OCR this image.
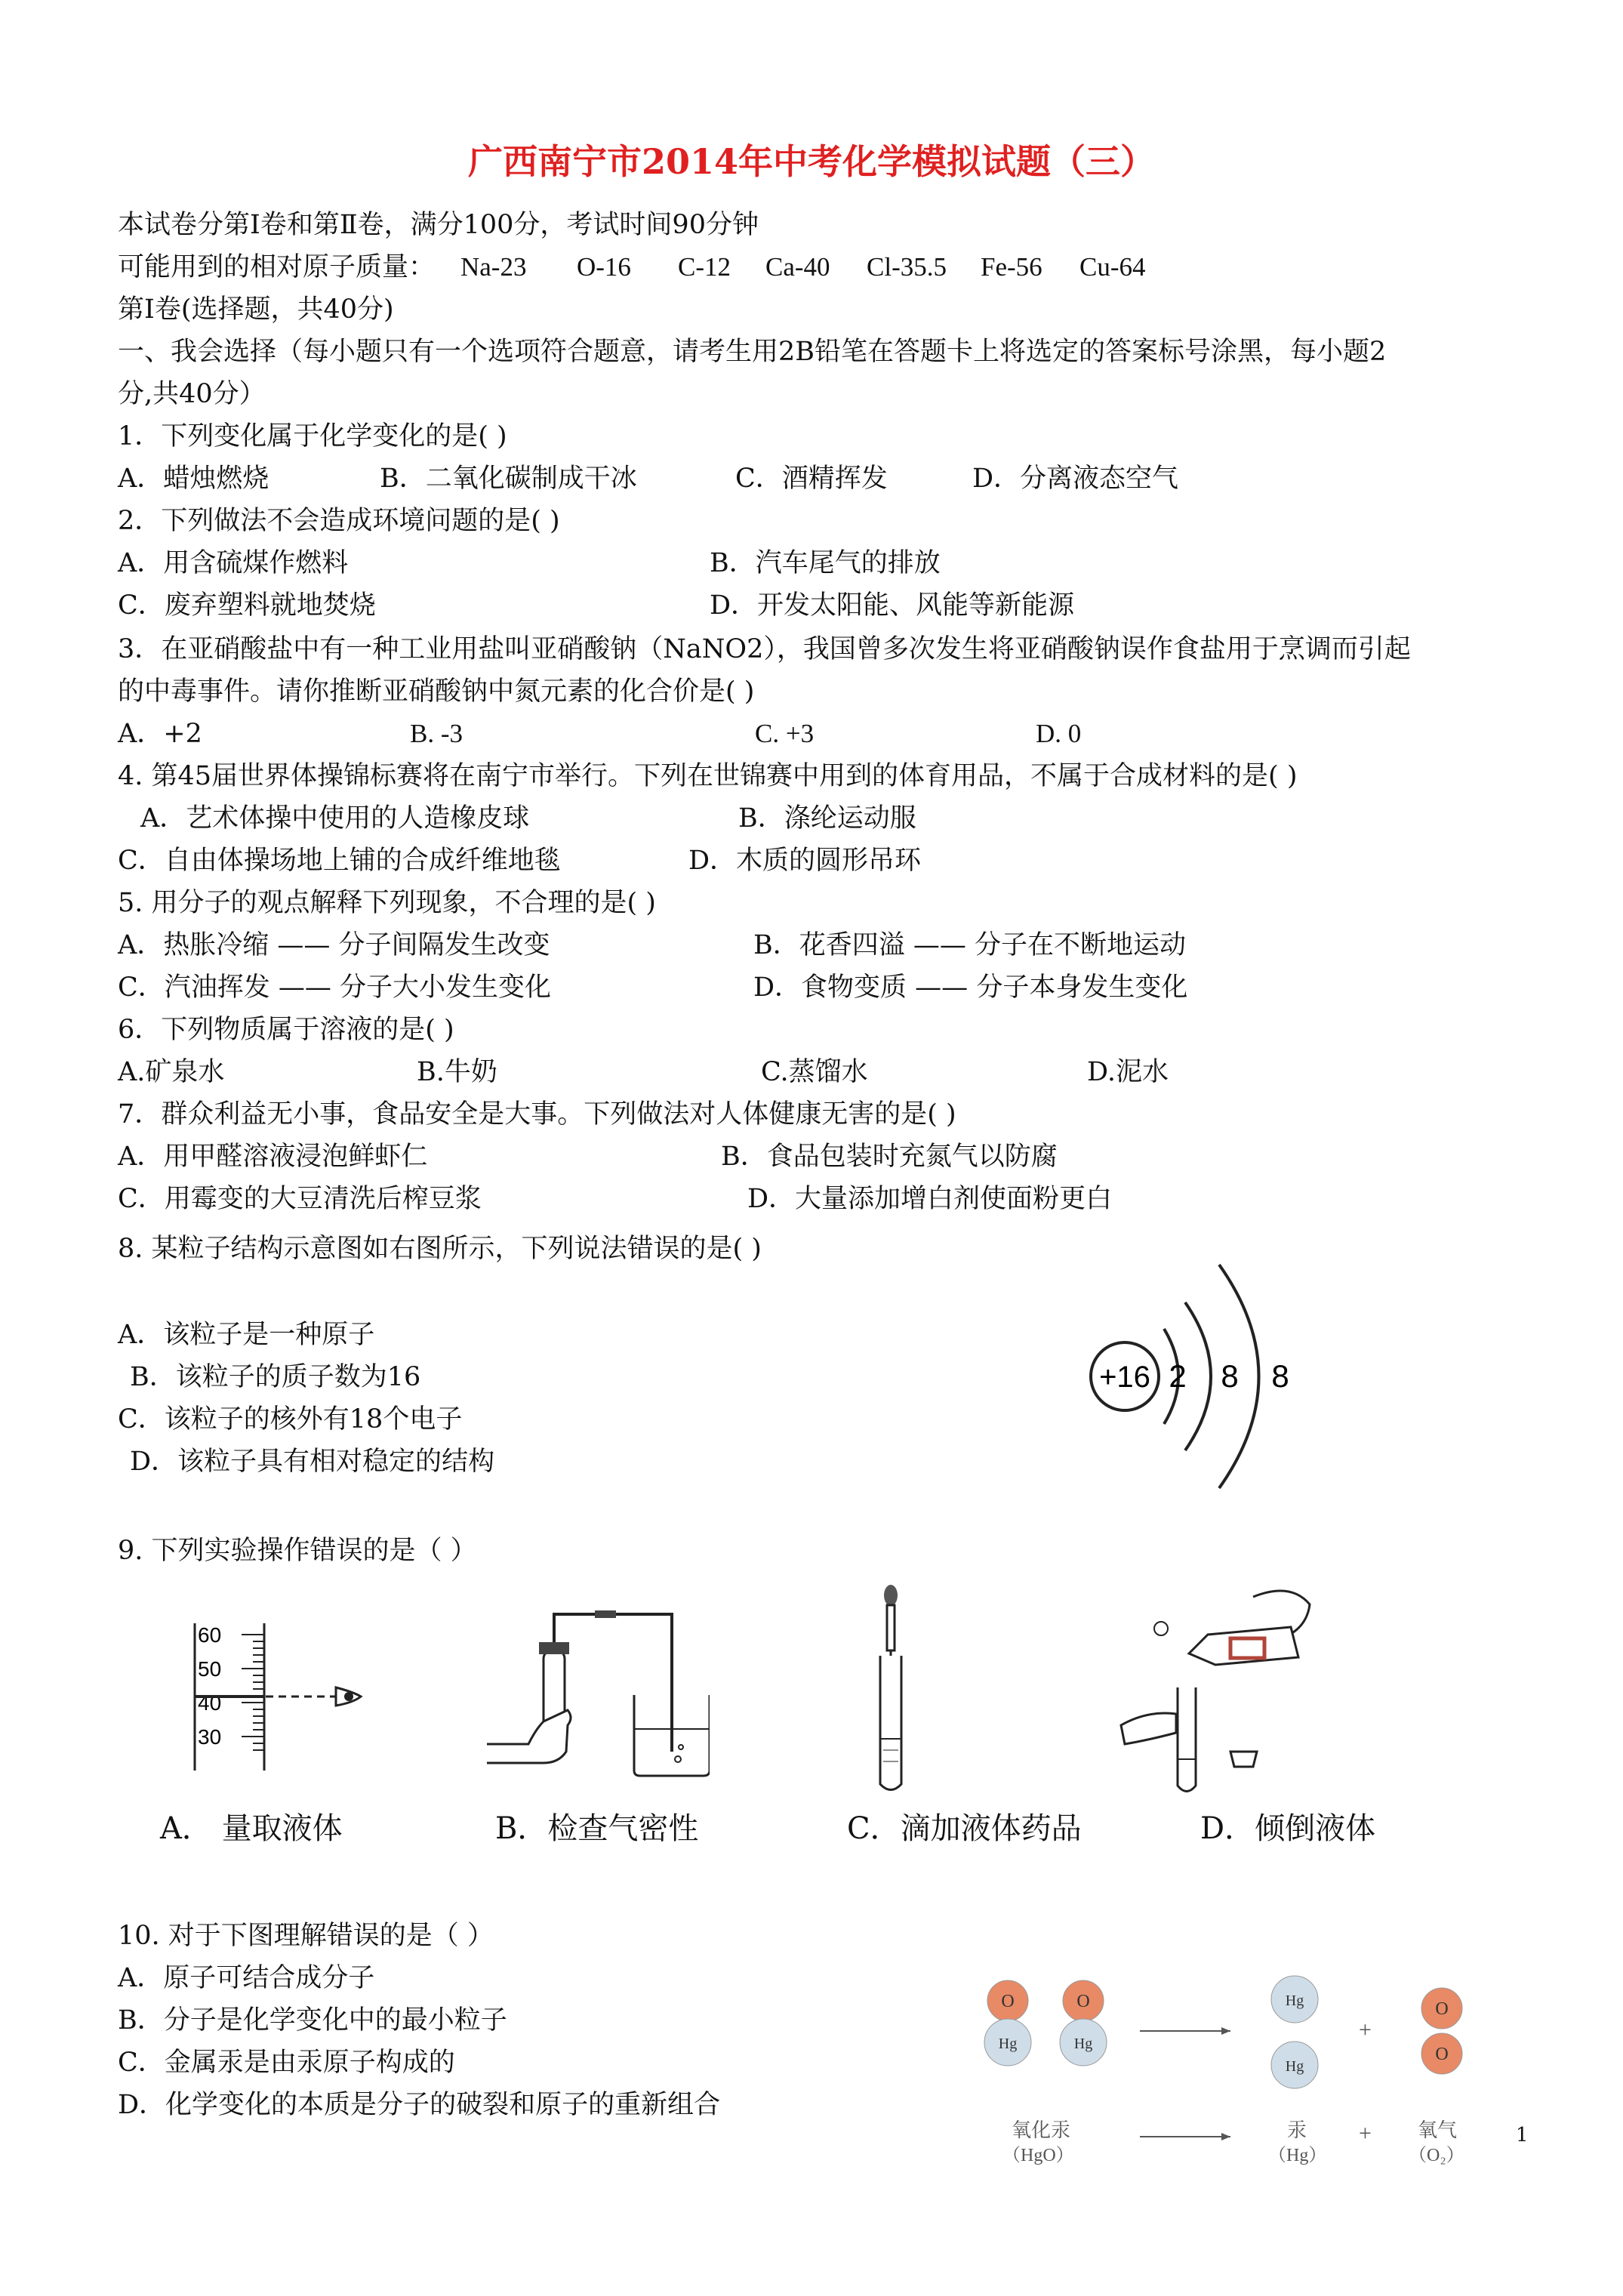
广西南宁市2014年中考化学模拟试题（三）
本试卷分第Ⅰ卷和第Ⅱ卷，满分100分，考试时间90分钟
可能用到的相对原子质量： Na-23 O-16 C-12 Ca-40 Cl-35.5 Fe-56 Cu-64
第Ⅰ卷(选择题，共40分)
一、我会选择（每小题只有一个选项符合题意，请考生用2B铅笔在答题卡上将选定的答案标号涂黑，每小题2
分,共40分）
1．下列变化属于化学变化的是( )
A．蜡烛燃烧	B．二氧化碳制成干冰	C．酒精挥发	D．分离液态空气
2．下列做法不会造成环境问题的是( )
A．用含硫煤作燃料	B．汽车尾气的排放
C．废弃塑料就地焚烧	D．开发太阳能、风能等新能源
3．在亚硝酸盐中有一种工业用盐叫亚硝酸钠（NaNO2），我国曾多次发生将亚硝酸钠误作食盐用于烹调而引起
的中毒事件。请你推断亚硝酸钠中氮元素的化合价是( )
A．+2	B. -3	C. +3	D. 0
4. 第45届世界体操锦标赛将在南宁市举行。下列在世锦赛中用到的体育用品，不属于合成材料的是( )
A．艺术体操中使用的人造橡皮球	B．涤纶运动服
C．自由体操场地上铺的合成纤维地毯	D．木质的圆形吊环
5. 用分子的观点解释下列现象，不合理的是( )
A．热胀冷缩 —— 分子间隔发生改变	B．花香四溢 —— 分子在不断地运动
C．汽油挥发 —— 分子大小发生变化	D．食物变质 —— 分子本身发生变化
6．下列物质属于溶液的是( )
A.矿泉水	B.牛奶	C.蒸馏水	D.泥水
7．群众利益无小事，食品安全是大事。下列做法对人体健康无害的是( )
A．用甲醛溶液浸泡鲜虾仁	B．食品包装时充氮气以防腐
C．用霉变的大豆清洗后榨豆浆	D．大量添加增白剂使面粉更白
8. 某粒子结构示意图如右图所示，下列说法错误的是( )
A．该粒子是一种原子
B．该粒子的质子数为16
C．该粒子的核外有18个电子
D．该粒子具有相对稳定的结构
+16 2 8 8
9. 下列实验操作错误的是（ ）
60
50
40
30
A． 量取液体	B．检查气密性	C．滴加液体药品	D．倾倒液体
10. 对于下图理解错误的是（ ）
A．原子可结合成分子
B．分子是化学变化中的最小粒子
C．金属汞是由汞原子构成的
D．化学变化的本质是分子的破裂和原子的重新组合
O
Hg
O
Hg
Hg
Hg
O
O
+
氧化汞
（HgO）
汞
（Hg）
+ 氧气
（O₂）
1
